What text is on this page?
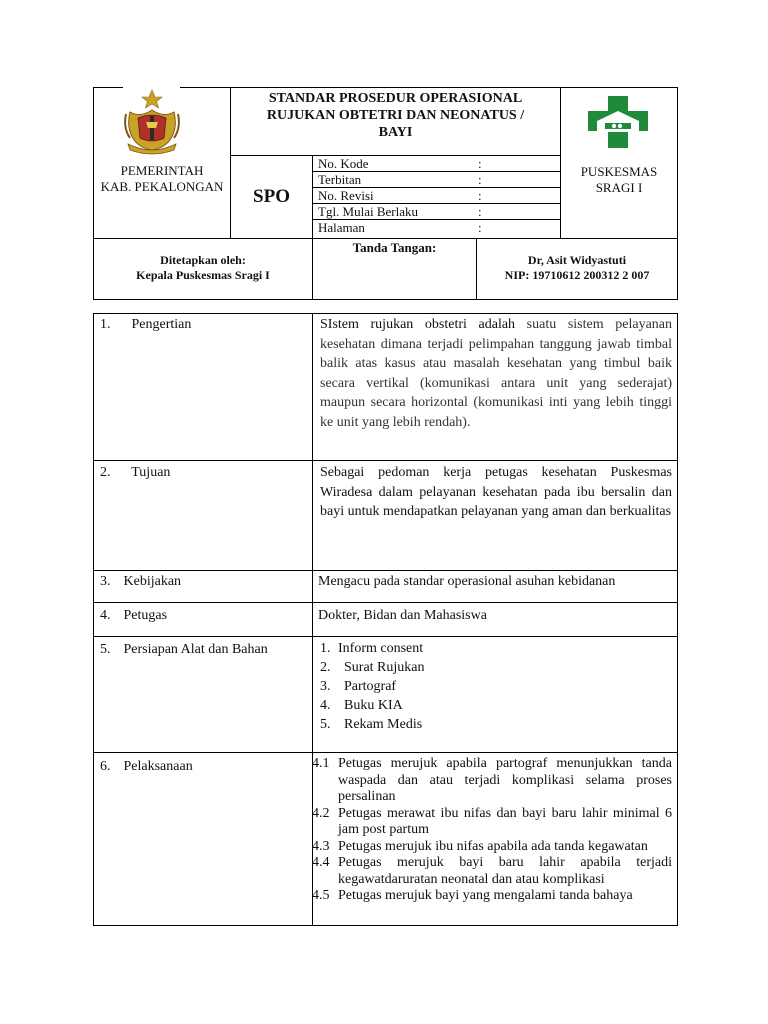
PEMERINTAH
KAB. PEKALONGAN
STANDAR PROSEDUR OPERASIONAL
RUJUKAN OBTETRI DAN NEONATUS /
BAYI
SPO
No. Kode	:
Terbitan	:
No. Revisi	:
Tgl. Mulai Berlaku	:
Halaman	:
PUSKESMAS
SRAGI I
Ditetapkan oleh:
Kepala Puskesmas Sragi I
Tanda Tangan:
Dr, Asit Widyastuti
NIP: 19710612 200312 2 007
1. Pengertian	SIstem rujukan obstetri adalah suatu sistem pelayanan kesehatan dimana terjadi pelimpahan tanggung jawab timbal balik atas kasus atau masalah kesehatan yang timbul baik secara vertikal (komunikasi antara unit yang sederajat) maupun secara horizontal (komunikasi inti yang lebih tinggi ke unit yang lebih rendah).
2. Tujuan	Sebagai pedoman kerja petugas kesehatan Puskesmas Wiradesa dalam pelayanan kesehatan pada ibu bersalin dan bayi untuk mendapatkan pelayanan yang aman dan berkualitas
3. Kebijakan	Mengacu pada standar operasional asuhan kebidanan
4. Petugas	Dokter, Bidan dan Mahasiswa
5. Persiapan Alat dan Bahan	1. Inform consent
2. Surat Rujukan
3. Partograf
4. Buku KIA
5. Rekam Medis
6. Pelaksanaan	4.1 Petugas merujuk apabila partograf menunjukkan tanda waspada dan atau terjadi komplikasi selama proses persalinan
4.2 Petugas merawat ibu nifas dan bayi baru lahir minimal 6 jam post partum
4.3 Petugas merujuk ibu nifas apabila ada tanda kegawatan
4.4 Petugas merujuk bayi baru lahir apabila terjadi kegawatdaruratan neonatal dan atau komplikasi
4.5 Petugas merujuk bayi yang mengalami tanda bahaya
